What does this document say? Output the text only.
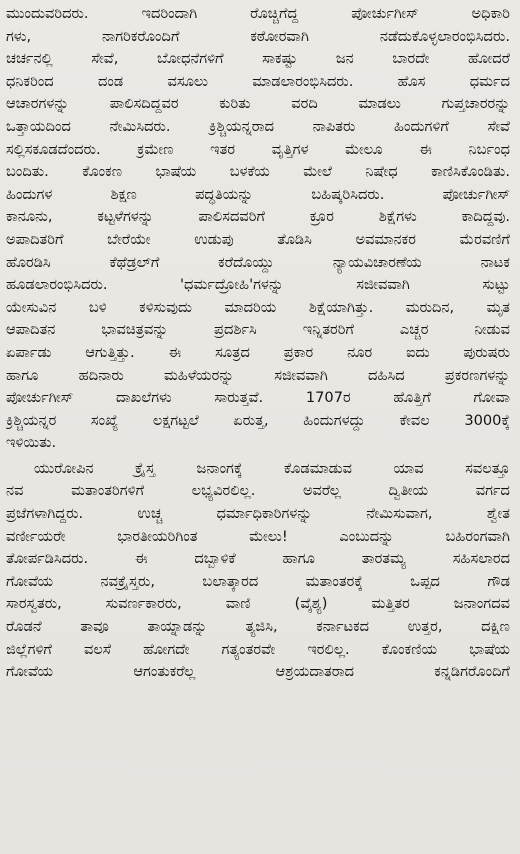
ಮುಂದುವರಿದರು. ಇದರಿಂದಾಗಿ ರೊಚ್ಚಿಗೆದ್ದ ಪೋರ್ಚುಗೀಸ್ ಅಧಿಕಾರಿ
ಗಳು, ನಾಗರಿಕರೊಂದಿಗೆ ಕಠೋರವಾಗಿ ನಡೆದುಕೊಳ್ಳಲಾರಂಭಿಸಿದರು.
ಚರ್ಚನಲ್ಲಿ ಸೇವೆ, ಬೋಧನೆಗಳಿಗೆ ಸಾಕಷ್ಟು ಜನ ಬಾರದೇ ಹೋದರೆ
ಧನಿಕರಿಂದ ದಂಡ ವಸೂಲು ಮಾಡಲಾರಂಭಿಸಿದರು. ಹೊಸ ಧರ್ಮದ
ಆಚಾರಗಳನ್ನು ಪಾಲಿಸದಿದ್ದವರ ಕುರಿತು ವರದಿ ಮಾಡಲು ಗುಪ್ತಚಾರರನ್ನು
ಒತ್ತಾಯದಿಂದ ನೇಮಿಸಿದರು. ಕ್ರಿಶ್ಚಿಯನ್ನರಾದ ನಾಪಿತರು ಹಿಂದುಗಳಿಗೆ ಸೇವೆ
ಸಲ್ಲಿಸಕೂಡದೆಂದರು. ಕ್ರಮೇಣ ಇತರ ವೃತ್ತಿಗಳ ಮೇಲೂ ಈ ನಿರ್ಬಂಧ
ಬಂದಿತು. ಕೊಂಕಣ ಭಾಷೆಯ ಬಳಕೆಯ ಮೇಲೆ ನಿಷೇಧ ಕಾಣಿಸಿಕೊಂಡಿತು.
ಹಿಂದುಗಳ ಶಿಕ್ಷಣ ಪದ್ಧತಿಯನ್ನು ಬಹಿಷ್ಕರಿಸಿದರು. ಪೋರ್ಚುಗೀಸ್
ಕಾನೂನು, ಕಟ್ಟಳೆಗಳನ್ನು ಪಾಲಿಸದವರಿಗೆ ಕ್ರೂರ ಶಿಕ್ಷೆಗಳು ಕಾದಿದ್ದವು.
ಅಪಾದಿತರಿಗೆ ಬೇರೆಯೇ ಉಡುಪು ತೊಡಿಸಿ ಅವಮಾನಕರ ಮೆರವಣಿಗೆ
ಹೊರಡಿಸಿ ಕೆಥೆಡ್ರಲ್‌ಗೆ ಕರೆದೊಯ್ದು ನ್ಯಾಯವಿಚಾರಣೆಯ ನಾಟಕ
ಹೂಡಲಾರಂಭಿಸಿದರು. 'ಧರ್ಮದ್ರೋಹಿ'ಗಳನ್ನು ಸಜೀವವಾಗಿ ಸುಟ್ಟು
ಯೇಸುವಿನ ಬಳಿ ಕಳಿಸುವುದು ಮಾದರಿಯ ಶಿಕ್ಷೆಯಾಗಿತ್ತು. ಮರುದಿನ, ಮೃತ
ಆಪಾದಿತನ ಭಾವಚಿತ್ರವನ್ನು ಪ್ರದರ್ಶಿಸಿ ಇನ್ನಿತರರಿಗೆ ಎಚ್ಚರ ನೀಡುವ
ಏರ್ಪಾಡು ಆಗುತ್ತಿತ್ತು. ಈ ಸೂತ್ರದ ಪ್ರಕಾರ ನೂರ ಐದು ಪುರುಷರು
ಹಾಗೂ ಹದಿನಾರು ಮಹಿಳೆಯರನ್ನು ಸಜೀವವಾಗಿ ದಹಿಸಿದ ಪ್ರಕರಣಗಳನ್ನು
ಪೋರ್ಚುಗೀಸ್ ದಾಖಲೆಗಳು ಸಾರುತ್ತವೆ. 1707ರ ಹೊತ್ತಿಗೆ ಗೋವಾ
ಕ್ರಿಶ್ಚಿಯನ್ನರ ಸಂಖ್ಯೆ ಲಕ್ಷಗಟ್ಟಲೆ ಏರುತ್ತ, ಹಿಂದುಗಳದ್ದು ಕೇವಲ 3000ಕ್ಕೆ
ಇಳಿಯಿತು.
ಯುರೋಪಿನ ಕ್ರೈಸ್ತ ಜನಾಂಗಕ್ಕೆ ಕೊಡಮಾಡುವ ಯಾವ ಸವಲತ್ತೂ
ನವ ಮತಾಂತರಿಗಳಿಗೆ ಲಭ್ಯವಿರಲಿಲ್ಲ. ಅವರೆಲ್ಲ ದ್ವಿತೀಯ ವರ್ಗದ
ಪ್ರಜೆಗಳಾಗಿದ್ದರು. ಉಚ್ಚ ಧರ್ಮಾಧಿಕಾರಿಗಳನ್ನು ನೇಮಿಸುವಾಗ, ಶ್ವೇತ
ವರ್ಣೀಯರೇ ಭಾರತೀಯರಿಗಿಂತ ಮೇಲು! ಎಂಬುದನ್ನು ಬಹಿರಂಗವಾಗಿ
ತೋರ್ಪಡಿಸಿದರು. ಈ ದಬ್ಬಾಳಿಕೆ ಹಾಗೂ ತಾರತಮ್ಯ ಸಹಿಸಲಾರದ
ಗೋವೆಯ ನವಕ್ರೈಸ್ತರು, ಬಲಾತ್ಕಾರದ ಮತಾಂತರಕ್ಕೆ ಒಪ್ಪದ ಗೌಡ
ಸಾರಸ್ವತರು, ಸುವರ್ಣಕಾರರು, ವಾಣಿ (ವೈಶ್ಯ) ಮತ್ತಿತರ ಜನಾಂಗದವ
ರೊಡನೆ ತಾವೂ ತಾಯ್ನಾಡನ್ನು ತ್ಯಜಿಸಿ, ಕರ್ನಾಟಕದ ಉತ್ತರ, ದಕ್ಷಿಣ
ಜಿಲ್ಲೆಗಳಿಗೆ ವಲಸೆ ಹೋಗದೇ ಗತ್ಯಂತರವೇ ಇರಲಿಲ್ಲ. ಕೊಂಕಣಿಯ ಭಾಷೆಯ
ಗೋವೆಯ ಆಗಂತುಕರೆಲ್ಲ ಆಶ್ರಯದಾತರಾದ ಕನ್ನಡಿಗರೊಂದಿಗೆ
